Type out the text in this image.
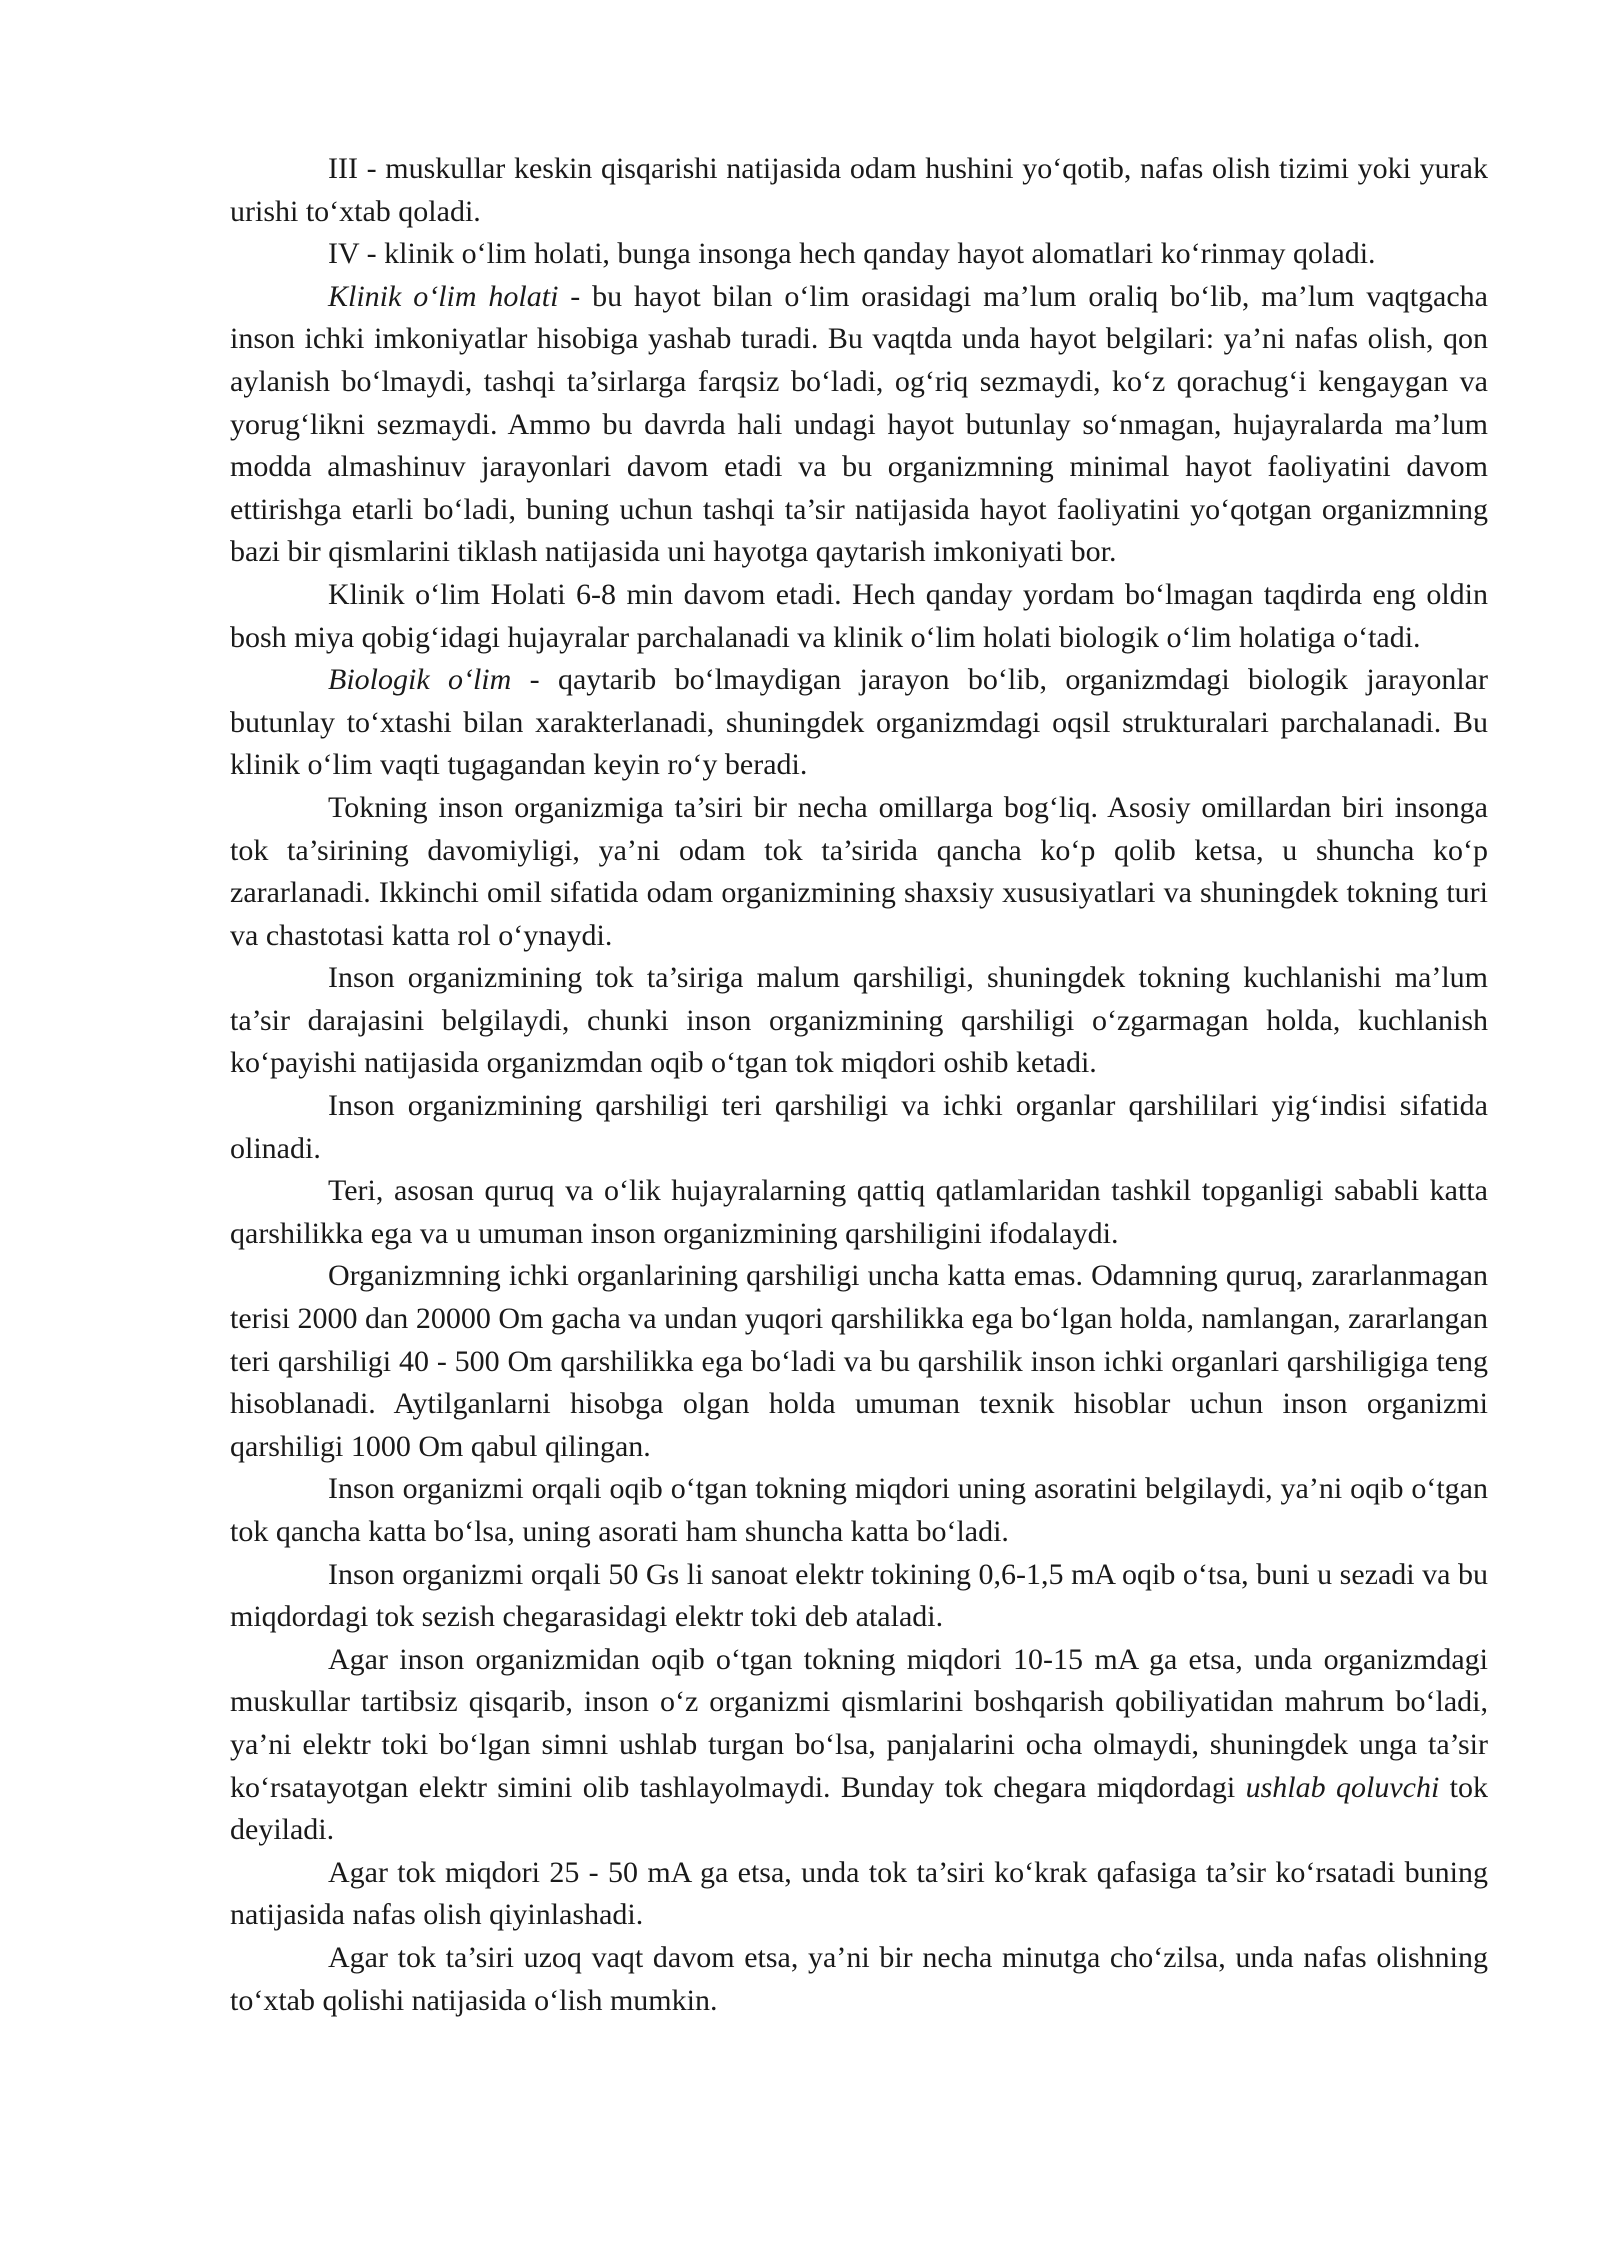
III - muskullar keskin qisqarishi natijasida odam hushini yo‘qotib, nafas olish tizimi yoki yurak urishi to‘xtab qoladi.

IV - klinik o‘lim holati, bunga insonga hech qanday hayot alomatlari ko‘rinmay qoladi.

Klinik o‘lim holati - bu hayot bilan o‘lim orasidagi ma’lum oraliq bo‘lib, ma’lum vaqtgacha inson ichki imkoniyatlar hisobiga yashab turadi. Bu vaqtda unda hayot belgilari: ya’ni nafas olish, qon aylanish bo‘lmaydi, tashqi ta’sirlarga farqsiz bo‘ladi, og‘riq sezmaydi, ko‘z qorachug‘i kengaygan va yorug‘likni sezmaydi. Ammo bu davrda hali undagi hayot butunlay so‘nmagan, hujayralarda ma’lum modda almashinuv jarayonlari davom etadi va bu organizmning minimal hayot faoliyatini davom ettirishga etarli bo‘ladi, buning uchun tashqi ta’sir natijasida hayot faoliyatini yo‘qotgan organizmning bazi bir qismlarini tiklash natijasida uni hayotga qaytarish imkoniyati bor.

Klinik o‘lim Holati 6-8 min davom etadi. Hech qanday yordam bo‘lmagan taqdirda eng oldin bosh miya qobig‘idagi hujayralar parchalanadi va klinik o‘lim holati biologik o‘lim holatiga o‘tadi.

Biologik o‘lim - qaytarib bo‘lmaydigan jarayon bo‘lib, organizmdagi biologik jarayonlar butunlay to‘xtashi bilan xarakterlanadi, shuningdek organizmdagi oqsil strukturalari parchalanadi. Bu klinik o‘lim vaqti tugagandan keyin ro‘y beradi.

Tokning inson organizmiga ta’siri bir necha omillarga bog‘liq. Asosiy omillardan biri insonga tok ta’sirining davomiyligi, ya’ni odam tok ta’sirida qancha ko‘p qolib ketsa, u shuncha ko‘p zararlanadi. Ikkinchi omil sifatida odam organizmining shaxsiy xususiyatlari va shuningdek tokning turi va chastotasi katta rol o‘ynaydi.

Inson organizmining tok ta’siriga malum qarshiligi, shuningdek tokning kuchlanishi ma’lum ta’sir darajasini belgilaydi, chunki inson organizmining qarshiligi o‘zgarmagan holda, kuchlanish ko‘payishi natijasida organizmdan oqib o‘tgan tok miqdori oshib ketadi.

Inson organizmining qarshiligi teri qarshiligi va ichki organlar qarshililari yig‘indisi sifatida olinadi.

Teri, asosan quruq va o‘lik hujayralarning qattiq qatlamlaridan tashkil topganligi sababli katta qarshilikka ega va u umuman inson organizmining qarshiligini ifodalaydi.

Organizmning ichki organlarining qarshiligi uncha katta emas. Odamning quruq, zararlanmagan terisi 2000 dan 20000 Om gacha va undan yuqori qarshilikka ega bo‘lgan holda, namlangan, zararlangan teri qarshiligi 40 - 500 Om qarshilikka ega bo‘ladi va bu qarshilik inson ichki organlari qarshiligiga teng hisoblanadi. Aytilganlarni hisobga olgan holda umuman texnik hisoblar uchun inson organizmi qarshiligi 1000 Om qabul qilingan.

Inson organizmi orqali oqib o‘tgan tokning miqdori uning asoratini belgilaydi, ya’ni oqib o‘tgan tok qancha katta bo‘lsa, uning asorati ham shuncha katta bo‘ladi.

Inson organizmi orqali 50 Gs li sanoat elektr tokining 0,6-1,5 mA oqib o‘tsa, buni u sezadi va bu miqdordagi tok sezish chegarasidagi elektr toki deb ataladi.

Agar inson organizmidan oqib o‘tgan tokning miqdori 10-15 mA ga etsa, unda organizmdagi muskullar tartibsiz qisqarib, inson o‘z organizmi qismlarini boshqarish qobiliyatidan mahrum bo‘ladi, ya’ni elektr toki bo‘lgan simni ushlab turgan bo‘lsa, panjalarini ocha olmaydi, shuningdek unga ta’sir ko‘rsatayotgan elektr simini olib tashlayolmaydi. Bunday tok chegara miqdordagi ushlab qoluvchi tok deyiladi.

Agar tok miqdori 25 - 50 mA ga etsa, unda tok ta’siri ko‘krak qafasiga ta’sir ko‘rsatadi buning natijasida nafas olish qiyinlashadi.

Agar tok ta’siri uzoq vaqt davom etsa, ya’ni bir necha minutga cho‘zilsa, unda nafas olishning to‘xtab qolishi natijasida o‘lish mumkin.
